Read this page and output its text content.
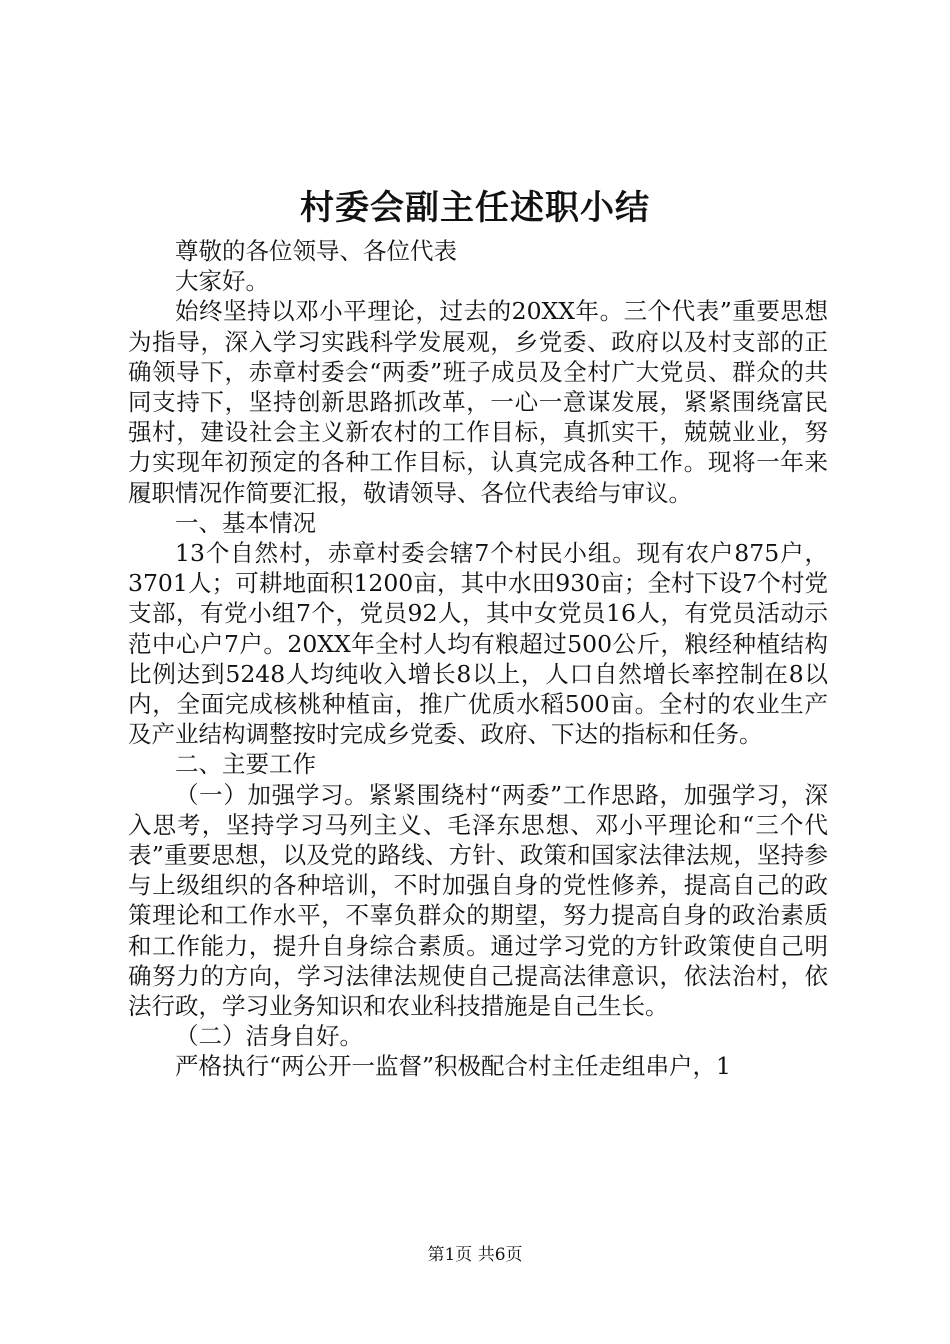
村委会副主任述职小结

尊敬的各位领导、各位代表

大家好。

始终坚持以邓小平理论，过去的20XX年。三个代表”重要思想为指导，深入学习实践科学发展观，乡党委、政府以及村支部的正确领导下，赤章村委会“两委”班子成员及全村广大党员、群众的共同支持下，坚持创新思路抓改革，一心一意谋发展，紧紧围绕富民强村，建设社会主义新农村的工作目标，真抓实干，兢兢业业，努力实现年初预定的各种工作目标，认真完成各种工作。现将一年来履职情况作简要汇报，敬请领导、各位代表给与审议。

一、基本情况

13个自然村，赤章村委会辖7个村民小组。现有农户875户，3701人；可耕地面积1200亩，其中水田930亩；全村下设7个村党支部，有党小组7个，党员92人，其中女党员16人，有党员活动示范中心户7户。20XX年全村人均有粮超过500公斤，粮经种植结构比例达到5248人均纯收入增长8以上，人口自然增长率控制在8以内，全面完成核桃种植亩，推广优质水稻500亩。全村的农业生产及产业结构调整按时完成乡党委、政府、下达的指标和任务。

二、主要工作

（一）加强学习。紧紧围绕村“两委”工作思路，加强学习，深入思考，坚持学习马列主义、毛泽东思想、邓小平理论和“三个代表”重要思想，以及党的路线、方针、政策和国家法律法规，坚持参与上级组织的各种培训，不时加强自身的党性修养，提高自己的政策理论和工作水平，不辜负群众的期望，努力提高自身的政治素质和工作能力，提升自身综合素质。通过学习党的方针政策使自己明确努力的方向，学习法律法规使自己提高法律意识，依法治村，依法行政，学习业务知识和农业科技措施是自己生长。

（二）洁身自好。

严格执行“两公开一监督”积极配合村主任走组串户，1

第1页 共6页
